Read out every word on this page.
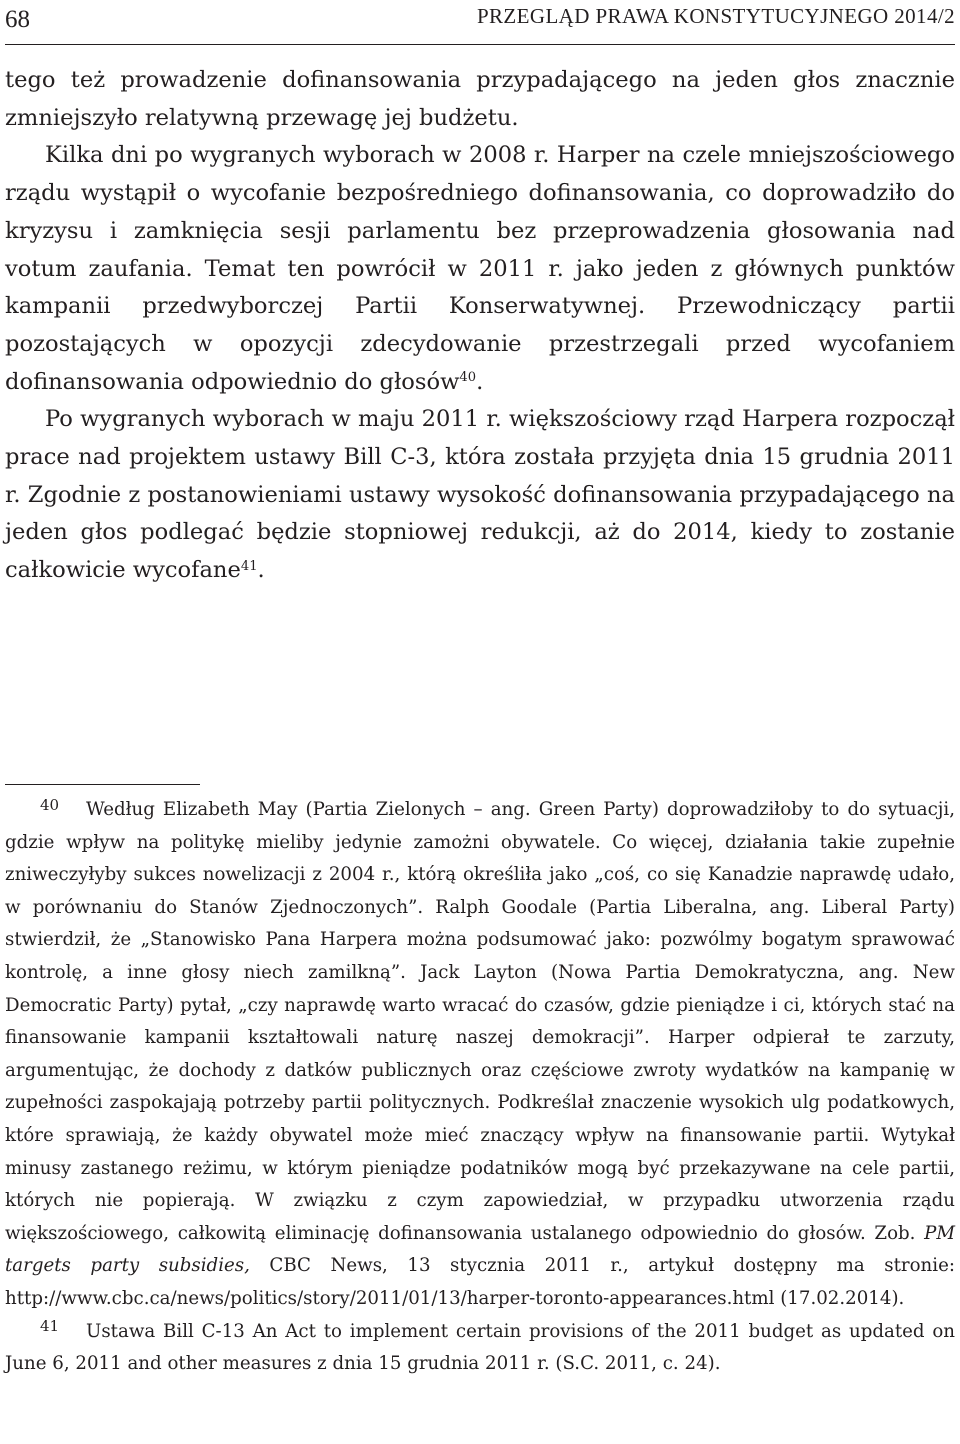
68	PRZEGLĄD PRAWA KONSTYTUCYJNEGO 2014/2

tego też prowadzenie dofinansowania przypadającego na jeden głos znacznie zmniejszyło relatywną przewagę jej budżetu.

Kilka dni po wygranych wyborach w 2008 r. Harper na czele mniejszościowego rządu wystąpił o wycofanie bezpośredniego dofinansowania, co doprowadziło do kryzysu i zamknięcia sesji parlamentu bez przeprowadzenia głosowania nad votum zaufania. Temat ten powrócił w 2011 r. jako jeden z głównych punktów kampanii przedwyborczej Partii Konserwatywnej. Przewodniczący partii pozostających w opozycji zdecydowanie przestrzegali przed wycofaniem dofinansowania odpowiednio do głosów$^{40}$.

Po wygranych wyborach w maju 2011 r. większościowy rząd Harpera rozpoczął prace nad projektem ustawy Bill C-3, która została przyjęta dnia 15 grudnia 2011 r. Zgodnie z postanowieniami ustawy wysokość dofinansowania przypadającego na jeden głos podlegać będzie stopniowej redukcji, aż do 2014, kiedy to zostanie całkowicie wycofane$^{41}$.

40 Według Elizabeth May (Partia Zielonych – ang. Green Party) doprowadziłoby to do sytuacji, gdzie wpływ na politykę mieliby jedynie zamożni obywatele. Co więcej, działania takie zupełnie zniweczyłyby sukces nowelizacji z 2004 r., którą określiła jako „coś, co się Kanadzie naprawdę udało, w porównaniu do Stanów Zjednoczonych”. Ralph Goodale (Partia Liberalna, ang. Liberal Party) stwierdził, że „Stanowisko Pana Harpera można podsumować jako: pozwólmy bogatym sprawować kontrolę, a inne głosy niech zamilkną”. Jack Layton (Nowa Partia Demokratyczna, ang. New Democratic Party) pytał, „czy naprawdę warto wracać do czasów, gdzie pieniądze i ci, których stać na finansowanie kampanii kształtowali naturę naszej demokracji”. Harper odpierał te zarzuty, argumentując, że dochody z datków publicznych oraz częściowe zwroty wydatków na kampanię w zupełności zaspokajają potrzeby partii politycznych. Podkreślał znaczenie wysokich ulg podatkowych, które sprawiają, że każdy obywatel może mieć znaczący wpływ na finansowanie partii. Wytykał minusy zastanego reżimu, w którym pieniądze podatników mogą być przekazywane na cele partii, których nie popierają. W związku z czym zapowiedział, w przypadku utworzenia rządu większościowego, całkowitą eliminację dofinansowania ustalanego odpowiednio do głosów. Zob. PM targets party subsidies, CBC News, 13 stycznia 2011 r., artykuł dostępny ma stronie: http://www.cbc.ca/news/politics/story/2011/01/13/harper-toronto-appearances.html (17.02.2014).

41 Ustawa Bill C-13 An Act to implement certain provisions of the 2011 budget as updated on June 6, 2011 and other measures z dnia 15 grudnia 2011 r. (S.C. 2011, c. 24).
